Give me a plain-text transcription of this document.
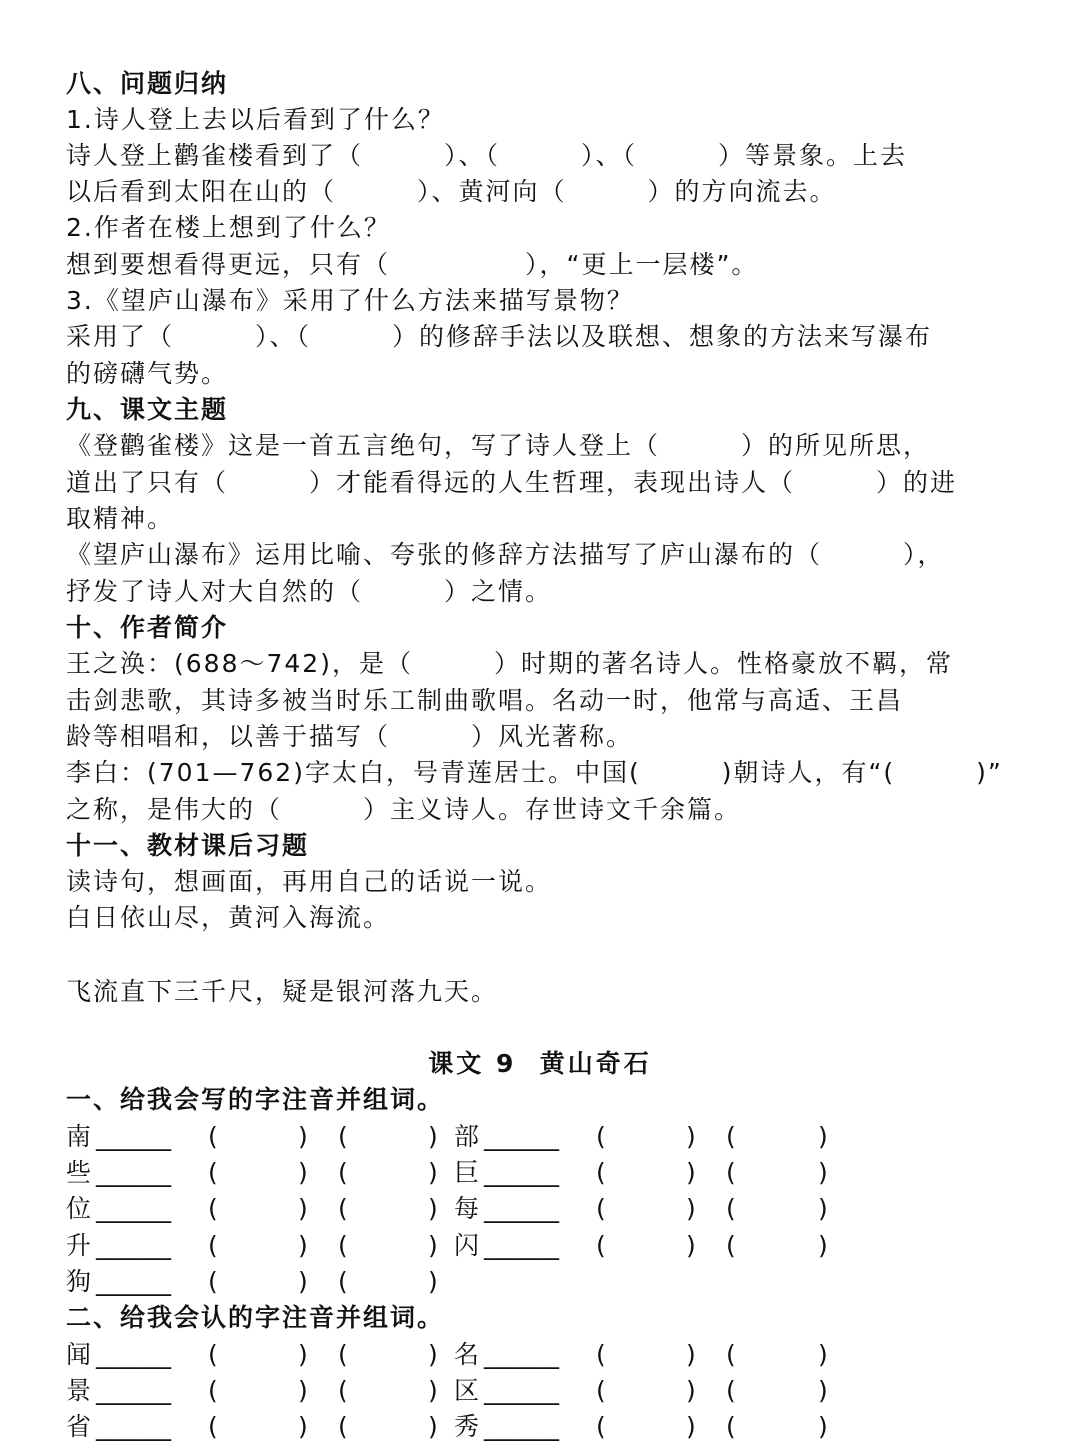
八、问题归纳
1.诗人登上去以后看到了什么？
诗人登上鹳雀楼看到了（　　　）、（　　　）、（　　　）等景象。上去
以后看到太阳在山的（　　　）、黄河向（　　　）的方向流去。
2.作者在楼上想到了什么？
想到要想看得更远，只有（　　　　　），“更上一层楼”。
3.《望庐山瀑布》采用了什么方法来描写景物？
采用了（　　　）、（　　　）的修辞手法以及联想、想象的方法来写瀑布
的磅礴气势。
九、课文主题
《登鹳雀楼》这是一首五言绝句，写了诗人登上（　　　）的所见所思，
道出了只有（　　　）才能看得远的人生哲理，表现出诗人（　　　）的进
取精神。
《望庐山瀑布》运用比喻、夸张的修辞方法描写了庐山瀑布的（　　　），
抒发了诗人对大自然的（　　　）之情。
十、作者简介
王之涣：(688～742)，是（　　　）时期的著名诗人。性格豪放不羁，常
击剑悲歌，其诗多被当时乐工制曲歌唱。名动一时，他常与高适、王昌
龄等相唱和，以善于描写（　　　）风光著称。
李白：(701—762)字太白，号青莲居士。中国(　　　)朝诗人，有“(　　　)”
之称，是伟大的（　　　）主义诗人。存世诗文千余篇。
十一、教材课后习题
读诗句，想画面，再用自己的话说一说。
白日依山尽，黄河入海流。
飞流直下三千尺，疑是银河落九天。
课文 9  黄山奇石
一、给我会写的字注音并组词。
南 ______ (	) (	) 部 ______ (	) (	)
些 ______ (	) (	) 巨 ______ (	) (	)
位 ______ (	) (	) 每 ______ (	) (	)
升 ______ (	) (	) 闪 ______ (	) (	)
狗 ______ (	) (	)
二、给我会认的字注音并组词。
闻 ______ (	) (	) 名 ______ (	) (	)
景 ______ (	) (	) 区 ______ (	) (	)
省 ______ (	) (	) 秀 ______ (	) (	)
